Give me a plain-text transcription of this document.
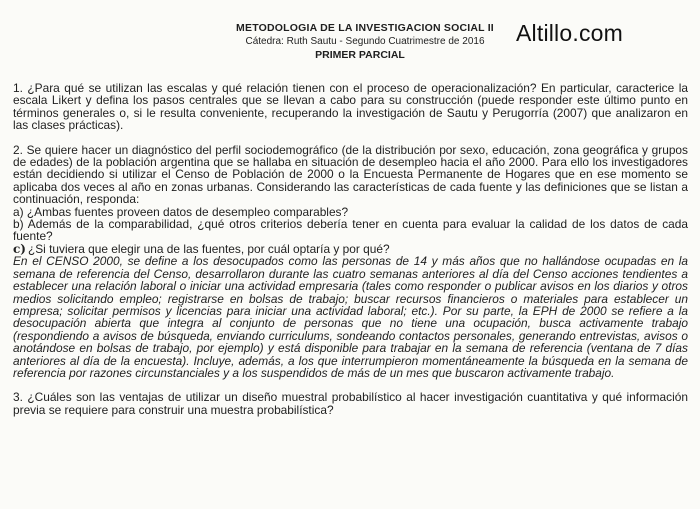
METODOLOGIA DE LA INVESTIGACION SOCIAL II
Cátedra: Ruth Sautu - Segundo Cuatrimestre de 2016
PRIMER PARCIAL
Altillo.com

1. ¿Para qué se utilizan las escalas y qué relación tienen con el proceso de operacionalización? En particular, caracterice la escala Likert y defina los pasos centrales que se llevan a cabo para su construcción (puede responder este último punto en términos generales o, si le resulta conveniente, recuperando la investigación de Sautu y Perugorría (2007) que analizaron en las clases prácticas).

2. Se quiere hacer un diagnóstico del perfil sociodemográfico (de la distribución por sexo, educación, zona geográfica y grupos de edades) de la población argentina que se hallaba en situación de desempleo hacia el año 2000. Para ello los investigadores están decidiendo si utilizar el Censo de Población de 2000 o la Encuesta Permanente de Hogares que en ese momento se aplicaba dos veces al año en zonas urbanas. Considerando las características de cada fuente y las definiciones que se listan a continuación, responda:

a) ¿Ambas fuentes proveen datos de desempleo comparables?

b) Además de la comparabilidad, ¿qué otros criterios debería tener en cuenta para evaluar la calidad de los datos de cada fuente?

c) ¿Si tuviera que elegir una de las fuentes, por cuál optaría y por qué?

En el CENSO 2000, se define a los desocupados como las personas de 14 y más años que no hallándose ocupadas en la semana de referencia del Censo, desarrollaron durante las cuatro semanas anteriores al día del Censo acciones tendientes a establecer una relación laboral o iniciar una actividad empresaria (tales como responder o publicar avisos en los diarios y otros medios solicitando empleo; registrarse en bolsas de trabajo; buscar recursos financieros o materiales para establecer un empresa; solicitar permisos y licencias para iniciar una actividad laboral; etc.). Por su parte, la EPH de 2000 se refiere a la desocupación abierta que integra al conjunto de personas que no tiene una ocupación, busca activamente trabajo (respondiendo a avisos de búsqueda, enviando curriculums, sondeando contactos personales, generando entrevistas, avisos o anotándose en bolsas de trabajo, por ejemplo) y está disponible para trabajar en la semana de referencia (ventana de 7 días anteriores al día de la encuesta). Incluye, además, a los que interrumpieron momentáneamente la búsqueda en la semana de referencia por razones circunstanciales y a los suspendidos de más de un mes que buscaron activamente trabajo.

3. ¿Cuáles son las ventajas de utilizar un diseño muestral probabilístico al hacer investigación cuantitativa y qué información previa se requiere para construir una muestra probabilística?
